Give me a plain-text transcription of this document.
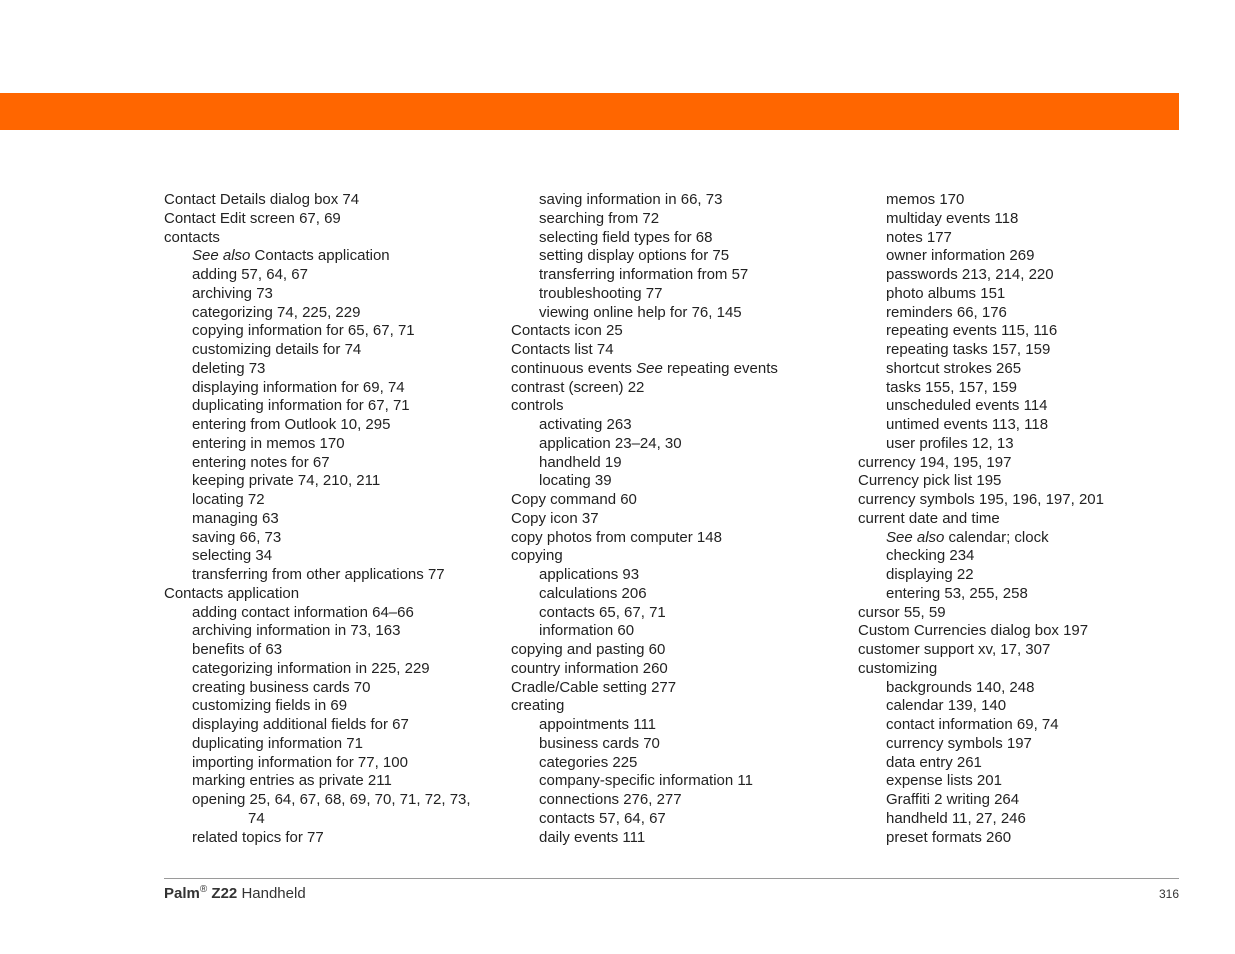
Contact Details dialog box 74
Contact Edit screen 67, 69
contacts
See also Contacts application
adding 57, 64, 67
archiving 73
categorizing 74, 225, 229
copying information for 65, 67, 71
customizing details for 74
deleting 73
displaying information for 69, 74
duplicating information for 67, 71
entering from Outlook 10, 295
entering in memos 170
entering notes for 67
keeping private 74, 210, 211
locating 72
managing 63
saving 66, 73
selecting 34
transferring from other applications 77
Contacts application
adding contact information 64–66
archiving information in 73, 163
benefits of 63
categorizing information in 225, 229
creating business cards 70
customizing fields in 69
displaying additional fields for 67
duplicating information 71
importing information for 77, 100
marking entries as private 211
opening 25, 64, 67, 68, 69, 70, 71, 72, 73,
74
related topics for 77
saving information in 66, 73
searching from 72
selecting field types for 68
setting display options for 75
transferring information from 57
troubleshooting 77
viewing online help for 76, 145
Contacts icon 25
Contacts list 74
continuous events See repeating events
contrast (screen) 22
controls
activating 263
application 23–24, 30
handheld 19
locating 39
Copy command 60
Copy icon 37
copy photos from computer 148
copying
applications 93
calculations 206
contacts 65, 67, 71
information 60
copying and pasting 60
country information 260
Cradle/Cable setting 277
creating
appointments 111
business cards 70
categories 225
company-specific information 11
connections 276, 277
contacts 57, 64, 67
daily events 111
memos 170
multiday events 118
notes 177
owner information 269
passwords 213, 214, 220
photo albums 151
reminders 66, 176
repeating events 115, 116
repeating tasks 157, 159
shortcut strokes 265
tasks 155, 157, 159
unscheduled events 114
untimed events 113, 118
user profiles 12, 13
currency 194, 195, 197
Currency pick list 195
currency symbols 195, 196, 197, 201
current date and time
See also calendar; clock
checking 234
displaying 22
entering 53, 255, 258
cursor 55, 59
Custom Currencies dialog box 197
customer support xv, 17, 307
customizing
backgrounds 140, 248
calendar 139, 140
contact information 69, 74
currency symbols 197
data entry 261
expense lists 201
Graffiti 2 writing 264
handheld 11, 27, 246
preset formats 260
Palm® Z22 Handheld	316
